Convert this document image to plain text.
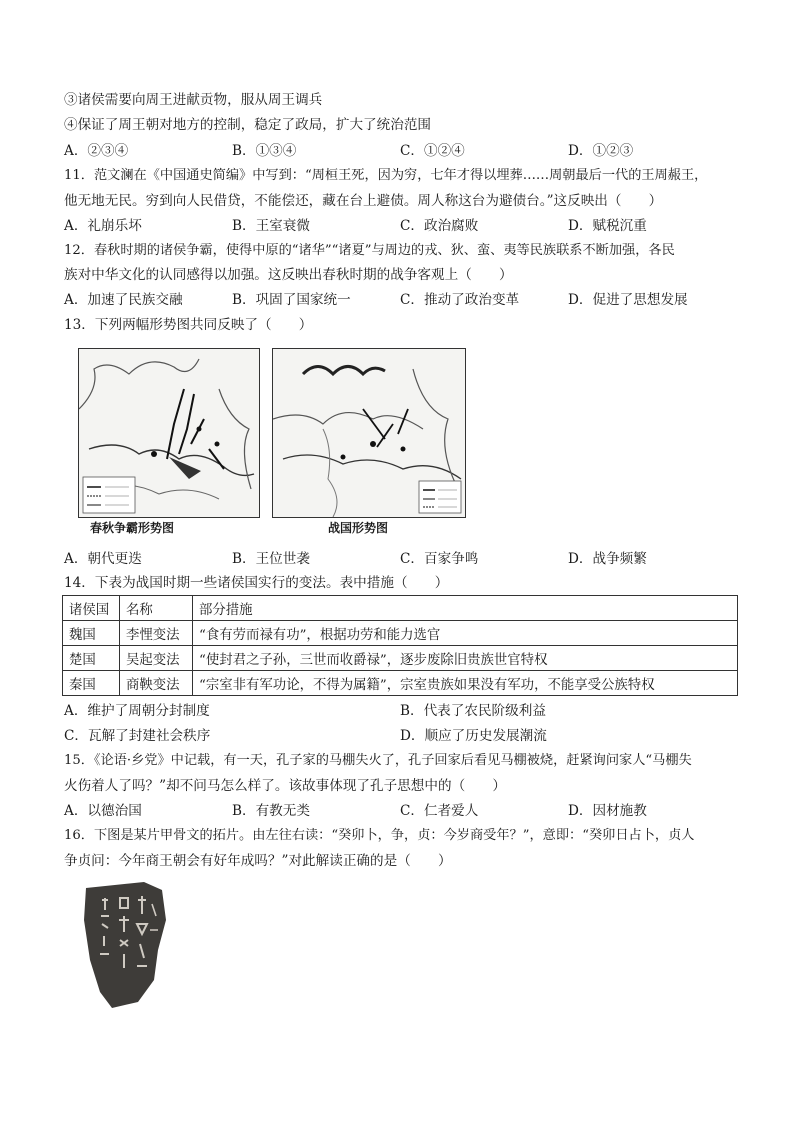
③诸侯需要向周王进献贡物，服从周王调兵
④保证了周王朝对地方的控制，稳定了政局，扩大了统治范围
A．②③④	B．①③④	C．①②④	D．①②③
11．范文澜在《中国通史简编》中写到：“周桓王死，因为穷，七年才得以埋葬……周朝最后一代的王周赧王，
他无地无民。穷到向人民借贷，不能偿还，藏在台上避债。周人称这台为避债台。”这反映出（　　）
A．礼崩乐坏	B．王室衰微	C．政治腐败	D．赋税沉重
12．春秋时期的诸侯争霸，使得中原的“诸华”“诸夏”与周边的戎、狄、蛮、夷等民族联系不断加强，各民
族对中华文化的认同感得以加强。这反映出春秋时期的战争客观上（　　）
A．加速了民族交融	B．巩固了国家统一	C．推动了政治变革	D．促进了思想发展
13．下列两幅形势图共同反映了（　　）
春秋争霸形势图	战国形势图
A．朝代更迭	B．王位世袭	C．百家争鸣	D．战争频繁
14．下表为战国时期一些诸侯国实行的变法。表中措施（　　）
诸侯国	名称	部分措施
魏国	李悝变法	“食有劳而禄有功”，根据功劳和能力选官
楚国	吴起变法	“使封君之子孙，三世而收爵禄”，逐步废除旧贵族世官特权
秦国	商鞅变法	“宗室非有军功论，不得为属籍”，宗室贵族如果没有军功，不能享受公族特权
A．维护了周朝分封制度	B．代表了农民阶级利益
C．瓦解了封建社会秩序	D．顺应了历史发展潮流
15．《论语·乡党》中记载，有一天，孔子家的马棚失火了，孔子回家后看见马棚被烧，赶紧询问家人“马棚失
火伤着人了吗？”却不问马怎么样了。该故事体现了孔子思想中的（　　）
A．以德治国	B．有教无类	C．仁者爱人	D．因材施教
16．下图是某片甲骨文的拓片。由左往右读：“癸卯卜，争，贞：今岁商受年？”，意即：“癸卯日占卜，贞人
争贞问：今年商王朝会有好年成吗？”对此解读正确的是（　　）
